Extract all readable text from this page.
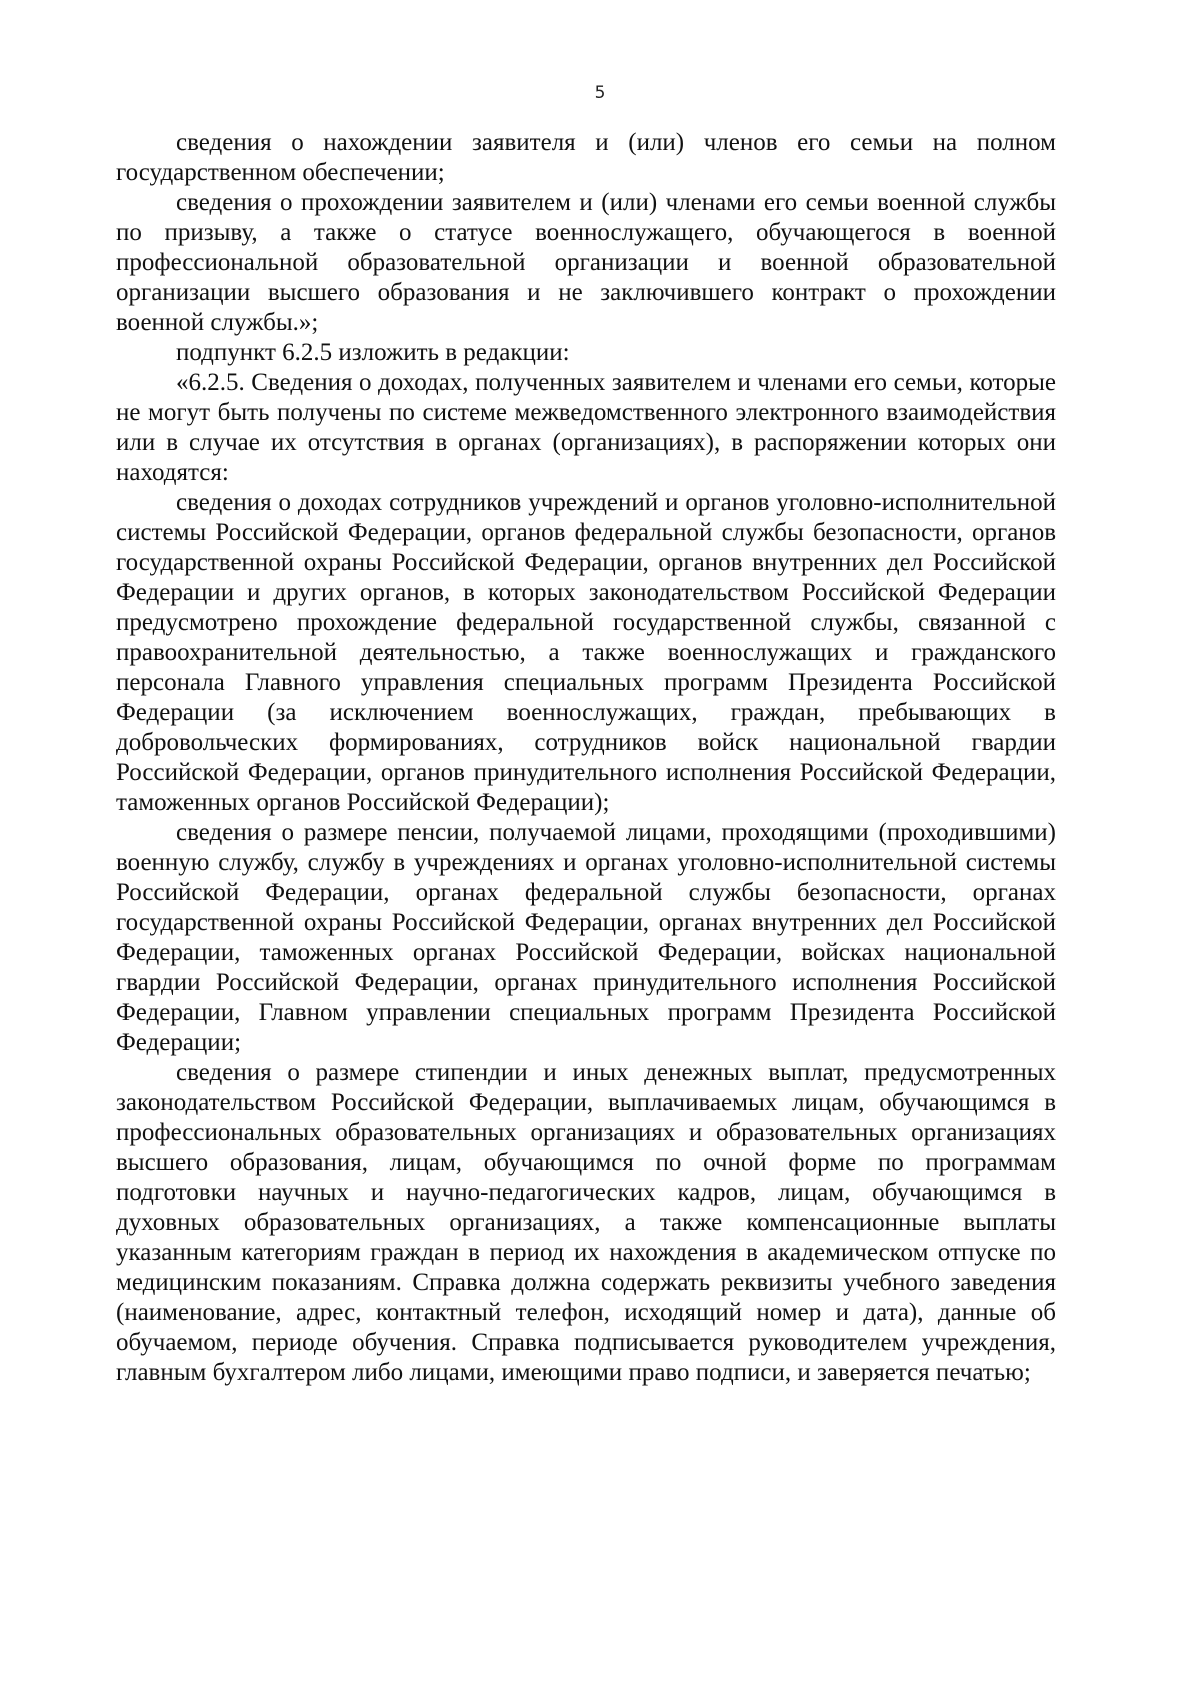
5

сведения о нахождении заявителя и (или) членов его семьи на полном государственном обеспечении;

сведения о прохождении заявителем и (или) членами его семьи военной службы по призыву, а также о статусе военнослужащего, обучающегося в военной профессиональной образовательной организации и военной образовательной организации высшего образования и не заключившего контракт о прохождении военной службы.»;

подпункт 6.2.5 изложить в редакции:

«6.2.5. Сведения о доходах, полученных заявителем и членами его семьи, которые не могут быть получены по системе межведомственного электронного взаимодействия или в случае их отсутствия в органах (организациях), в распоряжении которых они находятся:

сведения о доходах сотрудников учреждений и органов уголовно-исполнительной системы Российской Федерации, органов федеральной службы безопасности, органов государственной охраны Российской Федерации, органов внутренних дел Российской Федерации и других органов, в которых законодательством Российской Федерации предусмотрено прохождение федеральной государственной службы, связанной с правоохранительной деятельностью, а также военнослужащих и гражданского персонала Главного управления специальных программ Президента Российской Федерации (за исключением военнослужащих, граждан, пребывающих в добровольческих формированиях, сотрудников войск национальной гвардии Российской Федерации, органов принудительного исполнения Российской Федерации, таможенных органов Российской Федерации);

сведения о размере пенсии, получаемой лицами, проходящими (проходившими) военную службу, службу в учреждениях и органах уголовно-исполнительной системы Российской Федерации, органах федеральной службы безопасности, органах государственной охраны Российской Федерации, органах внутренних дел Российской Федерации, таможенных органах Российской Федерации, войсках национальной гвардии Российской Федерации, органах принудительного исполнения Российской Федерации, Главном управлении специальных программ Президента Российской Федерации;

сведения о размере стипендии и иных денежных выплат, предусмотренных законодательством Российской Федерации, выплачиваемых лицам, обучающимся в профессиональных образовательных организациях и образовательных организациях высшего образования, лицам, обучающимся по очной форме по программам подготовки научных и научно-педагогических кадров, лицам, обучающимся в духовных образовательных организациях, а также компенсационные выплаты указанным категориям граждан в период их нахождения в академическом отпуске по медицинским показаниям. Справка должна содержать реквизиты учебного заведения (наименование, адрес, контактный телефон, исходящий номер и дата), данные об обучаемом, периоде обучения. Справка подписывается руководителем учреждения, главным бухгалтером либо лицами, имеющими право подписи, и заверяется печатью;
